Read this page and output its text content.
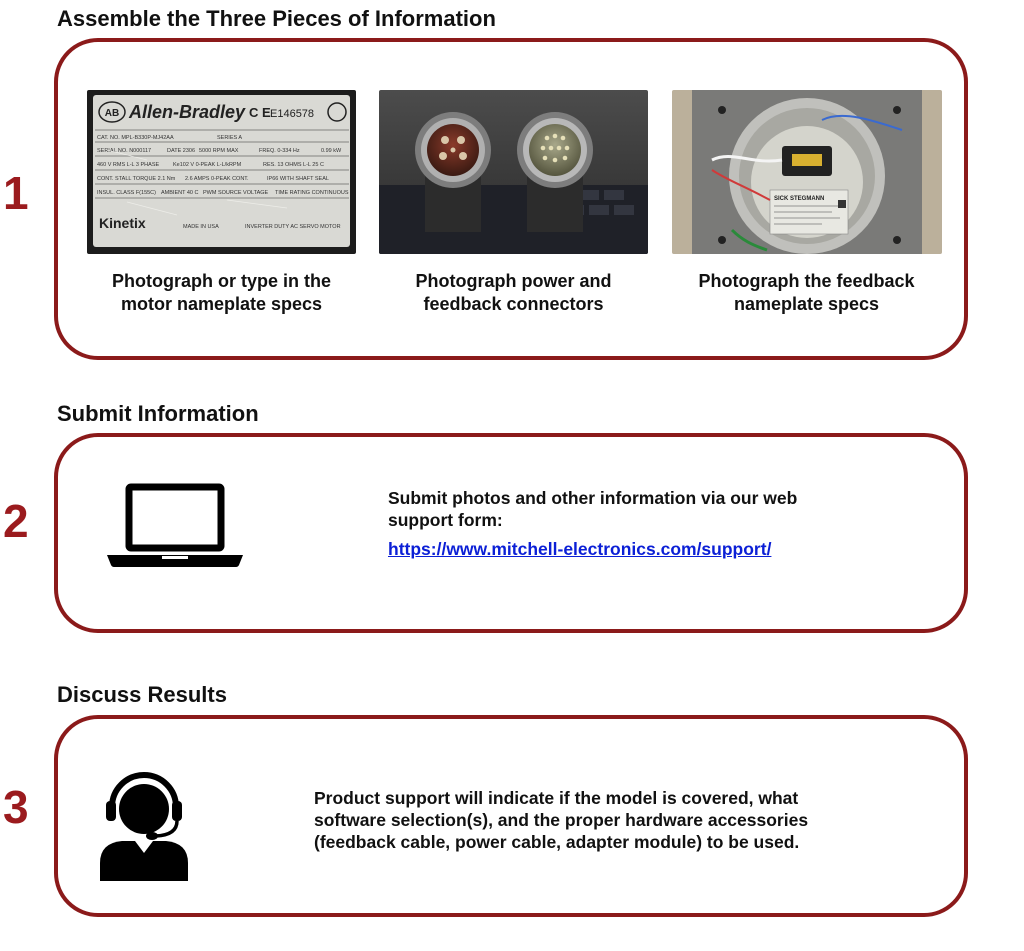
Assemble the Three Pieces of Information
1
AB Allen-Bradley C E E146578
CAT. NO. MPL-B330P-MJ42AA	SERIES A
SERIAL NO. N000117	DATE 2306 5000 RPM MAX	FREQ. 0-334 Hz	0.99 kW
460 V RMS L-L 3 PHASE	Ke102 V 0-PEAK L-L/kRPM	RES. 13 OHMS L-L 25 C
CONT. STALL TORQUE 2.1 Nm 2.6 AMPS 0-PEAK CONT.	IP66 WITH SHAFT SEAL
INSUL. CLASS F(155C) AMBIENT 40 C PWM SOURCE VOLTAGE TIME RATING CONTINUOUS
Kinetix	MADE IN USA	INVERTER DUTY AC SERVO MOTOR
SICK STEGMANN
Photograph or type in the
motor nameplate specs
Photograph power and
feedback connectors
Photograph the feedback
nameplate specs
Submit Information
2	Submit photos and other information via our web
support form:
https://www.mitchell-electronics.com/support/
Discuss Results
3	Product support will indicate if the model is covered, what
software selection(s), and the proper hardware accessories
(feedback cable, power cable, adapter module) to be used.
